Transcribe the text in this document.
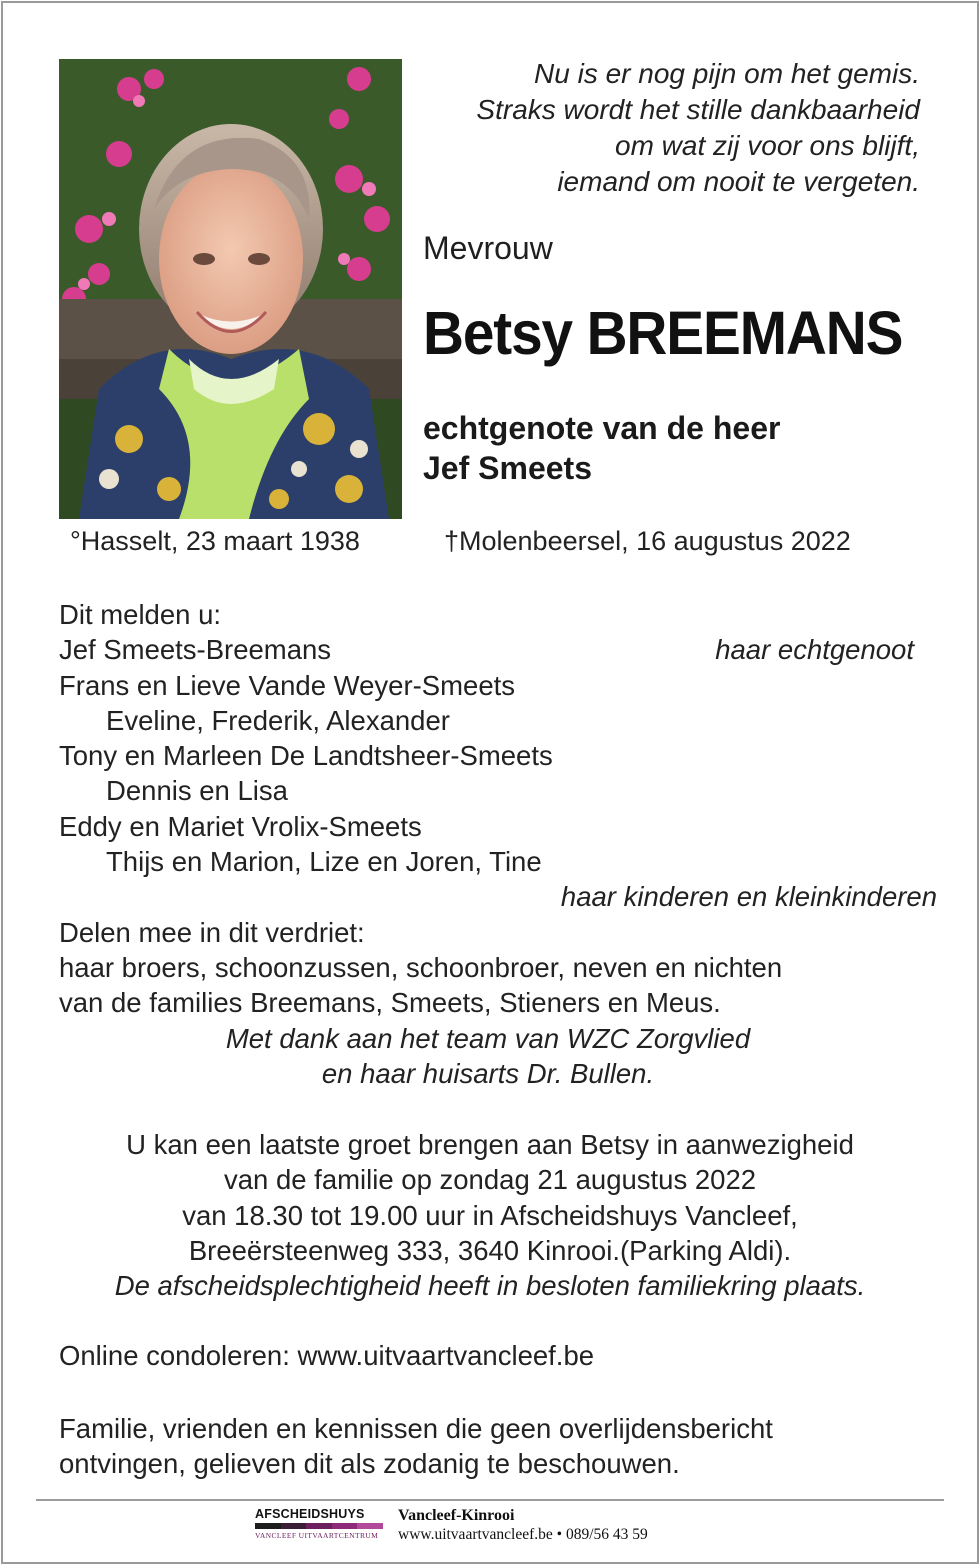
Nu is er nog pijn om het gemis.
Straks wordt het stille dankbaarheid
om wat zij voor ons blijft,
iemand om nooit te vergeten.
Mevrouw
Betsy BREEMANS
echtgenote van de heer
Jef Smeets
°Hasselt, 23 maart 1938	†Molenbeersel, 16 augustus 2022
Dit melden u:
Jef Smeets-Breemans	haar echtgenoot
Frans en Lieve Vande Weyer-Smeets
Eveline, Frederik, Alexander
Tony en Marleen De Landtsheer-Smeets
Dennis en Lisa
Eddy en Mariet Vrolix-Smeets
Thijs en Marion, Lize en Joren, Tine
haar kinderen en kleinkinderen
Delen mee in dit verdriet:
haar broers, schoonzussen, schoonbroer, neven en nichten
van de families Breemans, Smeets, Stieners en Meus.
Met dank aan het team van WZC Zorgvlied
en haar huisarts Dr. Bullen.
U kan een laatste groet brengen aan Betsy in aanwezigheid
van de familie op zondag 21 augustus 2022
van 18.30 tot 19.00 uur in Afscheidshuys Vancleef,
Breeërsteenweg 333, 3640 Kinrooi.(Parking Aldi).
De afscheidsplechtigheid heeft in besloten familiekring plaats.
Online condoleren: www.uitvaartvancleef.be
Familie, vrienden en kennissen die geen overlijdensbericht
ontvingen, gelieven dit als zodanig te beschouwen.
AFSCHEIDSHUYS
VANCLEEF UITVAARTCENTRUM
Vancleef-Kinrooi
www.uitvaartvancleef.be • 089/56 43 59
